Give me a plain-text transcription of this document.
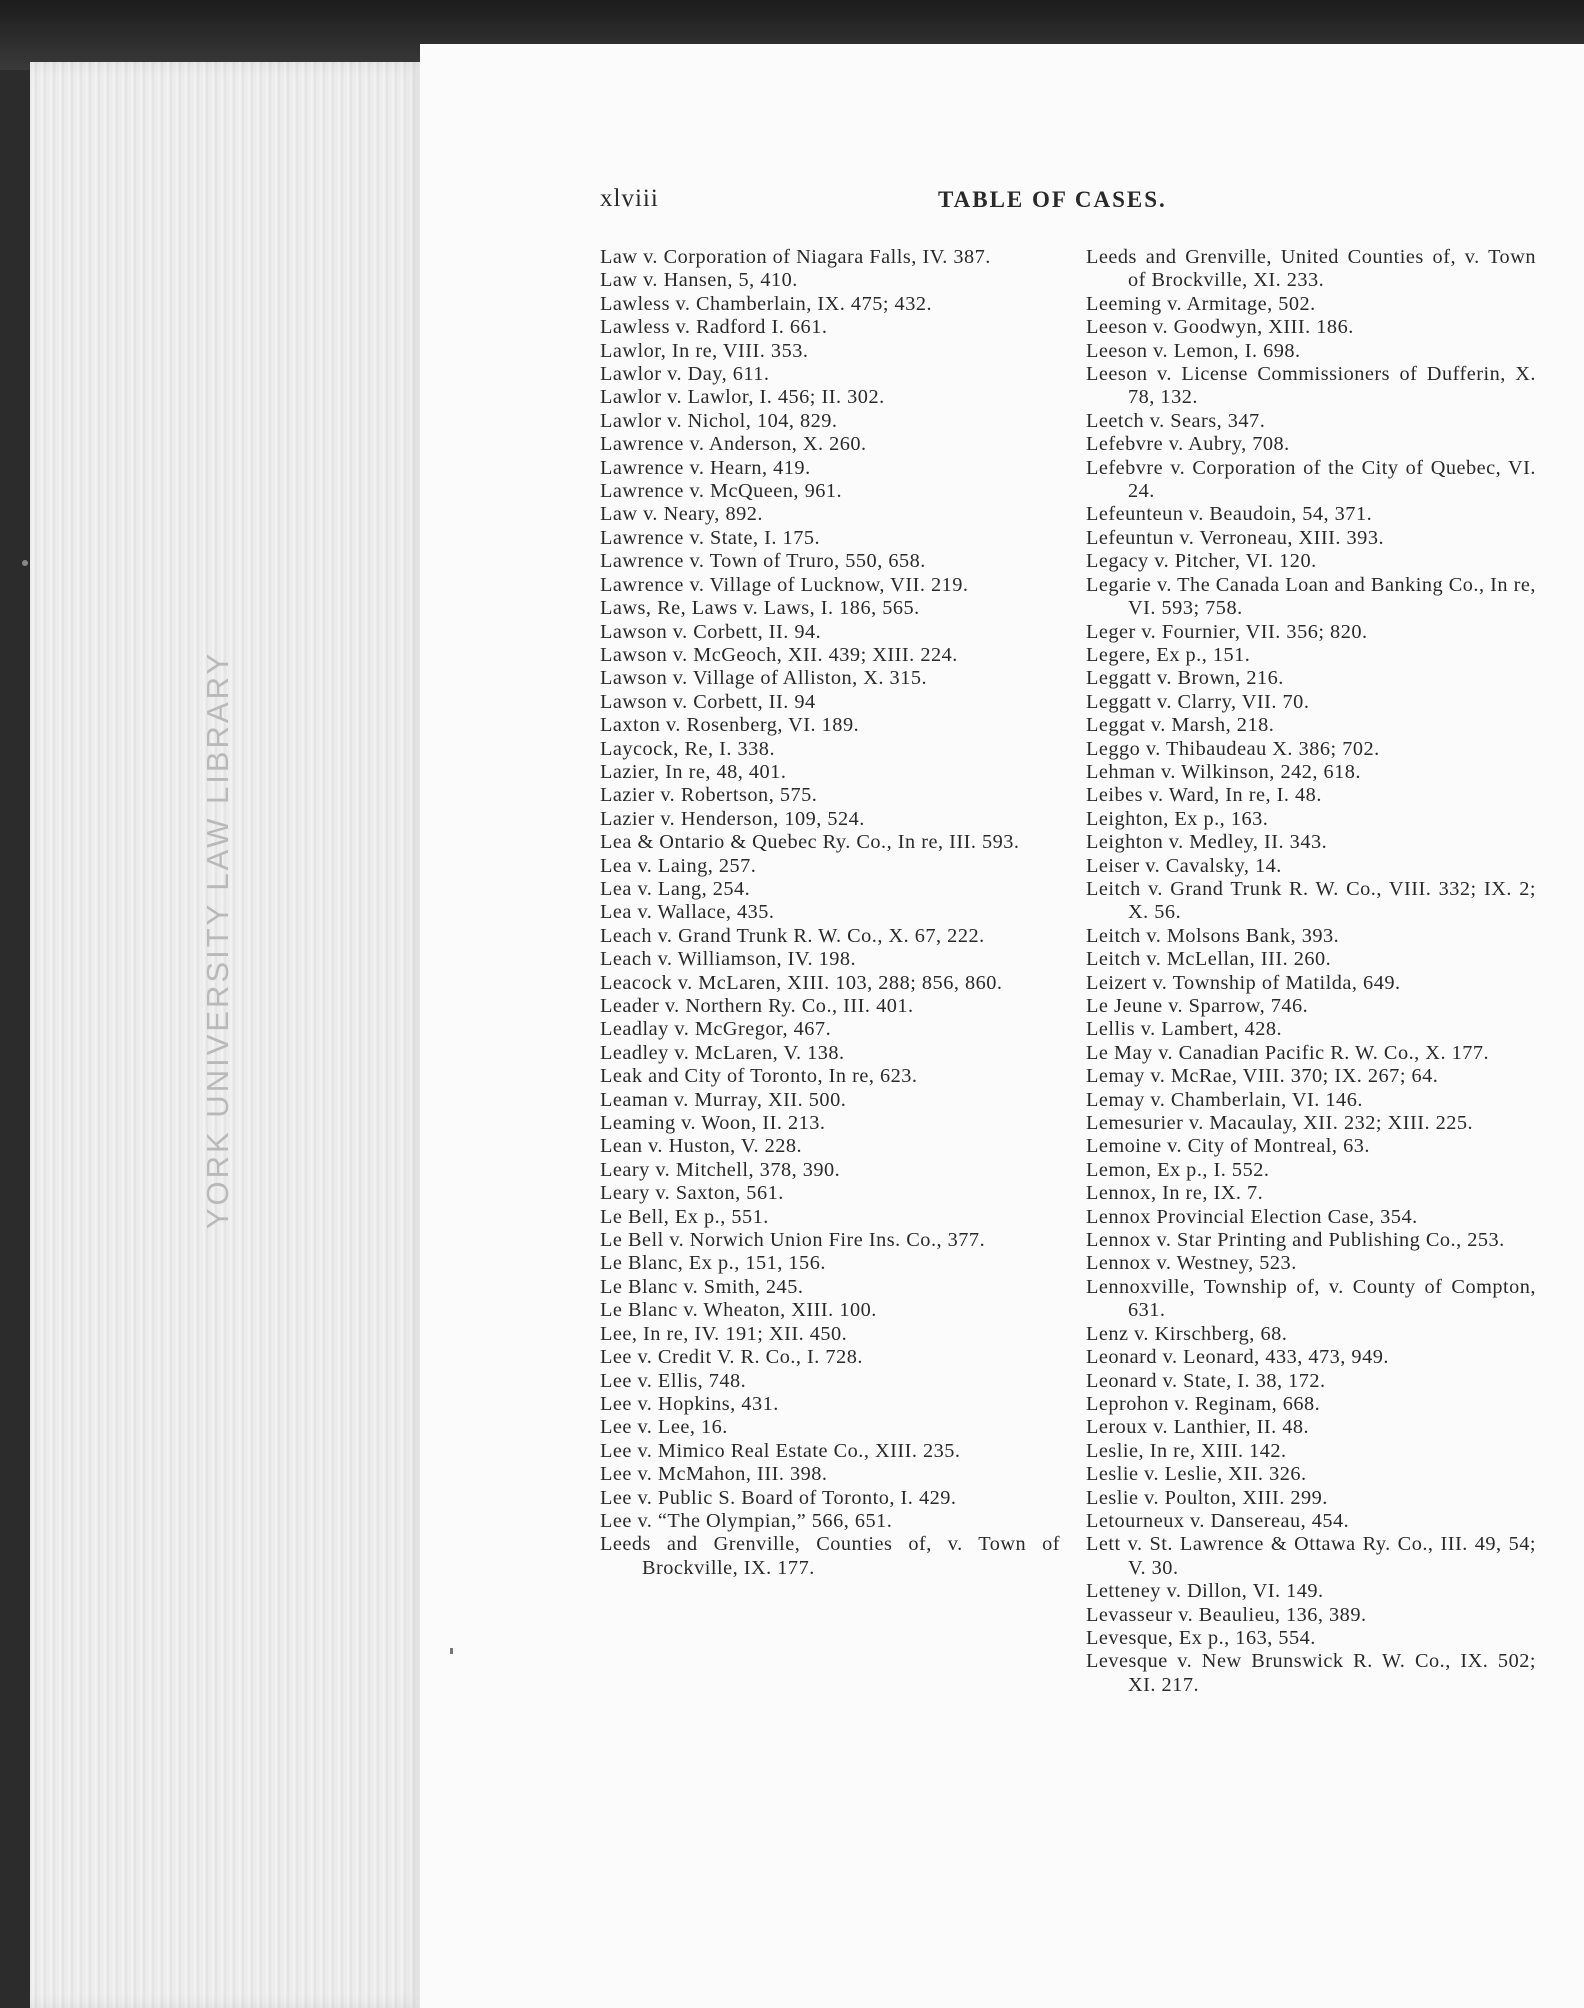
YORK UNIVERSITY LAW LIBRARY
xlviii	TABLE OF CASES.
Law v. Corporation of Niagara Falls, IV. 387.
Law v. Hansen, 5, 410.
Lawless v. Chamberlain, IX. 475; 432.
Lawless v. Radford I. 661.
Lawlor, In re, VIII. 353.
Lawlor v. Day, 611.
Lawlor v. Lawlor, I. 456; II. 302.
Lawlor v. Nichol, 104, 829.
Lawrence v. Anderson, X. 260.
Lawrence v. Hearn, 419.
Lawrence v. McQueen, 961.
Law v. Neary, 892.
Lawrence v. State, I. 175.
Lawrence v. Town of Truro, 550, 658.
Lawrence v. Village of Lucknow, VII. 219.
Laws, Re, Laws v. Laws, I. 186, 565.
Lawson v. Corbett, II. 94.
Lawson v. McGeoch, XII. 439; XIII. 224.
Lawson v. Village of Alliston, X. 315.
Lawson v. Corbett, II. 94
Laxton v. Rosenberg, VI. 189.
Laycock, Re, I. 338.
Lazier, In re, 48, 401.
Lazier v. Robertson, 575.
Lazier v. Henderson, 109, 524.
Lea & Ontario & Quebec Ry. Co., In re, III. 593.
Lea v. Laing, 257.
Lea v. Lang, 254.
Lea v. Wallace, 435.
Leach v. Grand Trunk R. W. Co., X. 67, 222.
Leach v. Williamson, IV. 198.
Leacock v. McLaren, XIII. 103, 288; 856, 860.
Leader v. Northern Ry. Co., III. 401.
Leadlay v. McGregor, 467.
Leadley v. McLaren, V. 138.
Leak and City of Toronto, In re, 623.
Leaman v. Murray, XII. 500.
Leaming v. Woon, II. 213.
Lean v. Huston, V. 228.
Leary v. Mitchell, 378, 390.
Leary v. Saxton, 561.
Le Bell, Ex p., 551.
Le Bell v. Norwich Union Fire Ins. Co., 377.
Le Blanc, Ex p., 151, 156.
Le Blanc v. Smith, 245.
Le Blanc v. Wheaton, XIII. 100.
Lee, In re, IV. 191; XII. 450.
Lee v. Credit V. R. Co., I. 728.
Lee v. Ellis, 748.
Lee v. Hopkins, 431.
Lee v. Lee, 16.
Lee v. Mimico Real Estate Co., XIII. 235.
Lee v. McMahon, III. 398.
Lee v. Public S. Board of Toronto, I. 429.
Lee v. “The Olympian,” 566, 651.
Leeds and Grenville, Counties of, v. Town of Brockville, IX. 177.
Leeds and Grenville, United Counties of, v. Town of Brockville, XI. 233.
Leeming v. Armitage, 502.
Leeson v. Goodwyn, XIII. 186.
Leeson v. Lemon, I. 698.
Leeson v. License Commissioners of Dufferin, X. 78, 132.
Leetch v. Sears, 347.
Lefebvre v. Aubry, 708.
Lefebvre v. Corporation of the City of Quebec, VI. 24.
Lefeunteun v. Beaudoin, 54, 371.
Lefeuntun v. Verroneau, XIII. 393.
Legacy v. Pitcher, VI. 120.
Legarie v. The Canada Loan and Banking Co., In re, VI. 593; 758.
Leger v. Fournier, VII. 356; 820.
Legere, Ex p., 151.
Leggatt v. Brown, 216.
Leggatt v. Clarry, VII. 70.
Leggat v. Marsh, 218.
Leggo v. Thibaudeau X. 386; 702.
Lehman v. Wilkinson, 242, 618.
Leibes v. Ward, In re, I. 48.
Leighton, Ex p., 163.
Leighton v. Medley, II. 343.
Leiser v. Cavalsky, 14.
Leitch v. Grand Trunk R. W. Co., VIII. 332; IX. 2; X. 56.
Leitch v. Molsons Bank, 393.
Leitch v. McLellan, III. 260.
Leizert v. Township of Matilda, 649.
Le Jeune v. Sparrow, 746.
Lellis v. Lambert, 428.
Le May v. Canadian Pacific R. W. Co., X. 177.
Lemay v. McRae, VIII. 370; IX. 267; 64.
Lemay v. Chamberlain, VI. 146.
Lemesurier v. Macaulay, XII. 232; XIII. 225.
Lemoine v. City of Montreal, 63.
Lemon, Ex p., I. 552.
Lennox, In re, IX. 7.
Lennox Provincial Election Case, 354.
Lennox v. Star Printing and Publishing Co., 253.
Lennox v. Westney, 523.
Lennoxville, Township of, v. County of Compton, 631.
Lenz v. Kirschberg, 68.
Leonard v. Leonard, 433, 473, 949.
Leonard v. State, I. 38, 172.
Leprohon v. Reginam, 668.
Leroux v. Lanthier, II. 48.
Leslie, In re, XIII. 142.
Leslie v. Leslie, XII. 326.
Leslie v. Poulton, XIII. 299.
Letourneux v. Dansereau, 454.
Lett v. St. Lawrence & Ottawa Ry. Co., III. 49, 54; V. 30.
Letteney v. Dillon, VI. 149.
Levasseur v. Beaulieu, 136, 389.
Levesque, Ex p., 163, 554.
Levesque v. New Brunswick R. W. Co., IX. 502; XI. 217.
